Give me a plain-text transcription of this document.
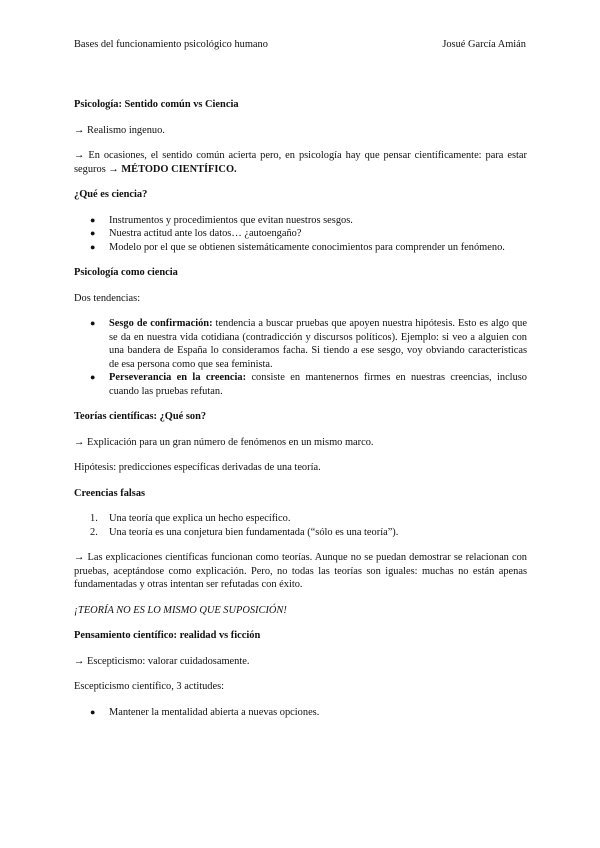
Bases del funcionamiento psicológico humano	Josué García Amián

Psicología: Sentido común vs Ciencia

→ Realismo ingenuo.

→ En ocasiones, el sentido común acierta pero, en psicología hay que pensar científicamente: para estar seguros → MÉTODO CIENTÍFICO.

¿Qué es ciencia?

● Instrumentos y procedimientos que evitan nuestros sesgos.
● Nuestra actitud ante los datos… ¿autoengaño?
● Modelo por el que se obtienen sistemáticamente conocimientos para comprender un fenómeno.

Psicología como ciencia

Dos tendencias:

● Sesgo de confirmación: tendencia a buscar pruebas que apoyen nuestra hipótesis. Esto es algo que se da en nuestra vida cotidiana (contradicción y discursos políticos). Ejemplo: si veo a alguien con una bandera de España lo consideramos facha. Si tiendo a ese sesgo, voy obviando características de esa persona como que sea feminista.
● Perseverancia en la creencia: consiste en mantenernos firmes en nuestras creencias, incluso cuando las pruebas refutan.

Teorías científicas: ¿Qué son?

→ Explicación para un gran número de fenómenos en un mismo marco.

Hipótesis: predicciones específicas derivadas de una teoría.

Creencias falsas

1. Una teoría que explica un hecho específico.
2. Una teoría es una conjetura bien fundamentada (“sólo es una teoría”).

→ Las explicaciones científicas funcionan como teorías. Aunque no se puedan demostrar se relacionan con pruebas, aceptándose como explicación. Pero, no todas las teorías son iguales: muchas no están apenas fundamentadas y otras intentan ser refutadas con éxito.

¡TEORÍA NO ES LO MISMO QUE SUPOSICIÓN!

Pensamiento científico: realidad vs ficción

→ Escepticismo: valorar cuidadosamente.

Escepticismo científico, 3 actitudes:

● Mantener la mentalidad abierta a nuevas opciones.
